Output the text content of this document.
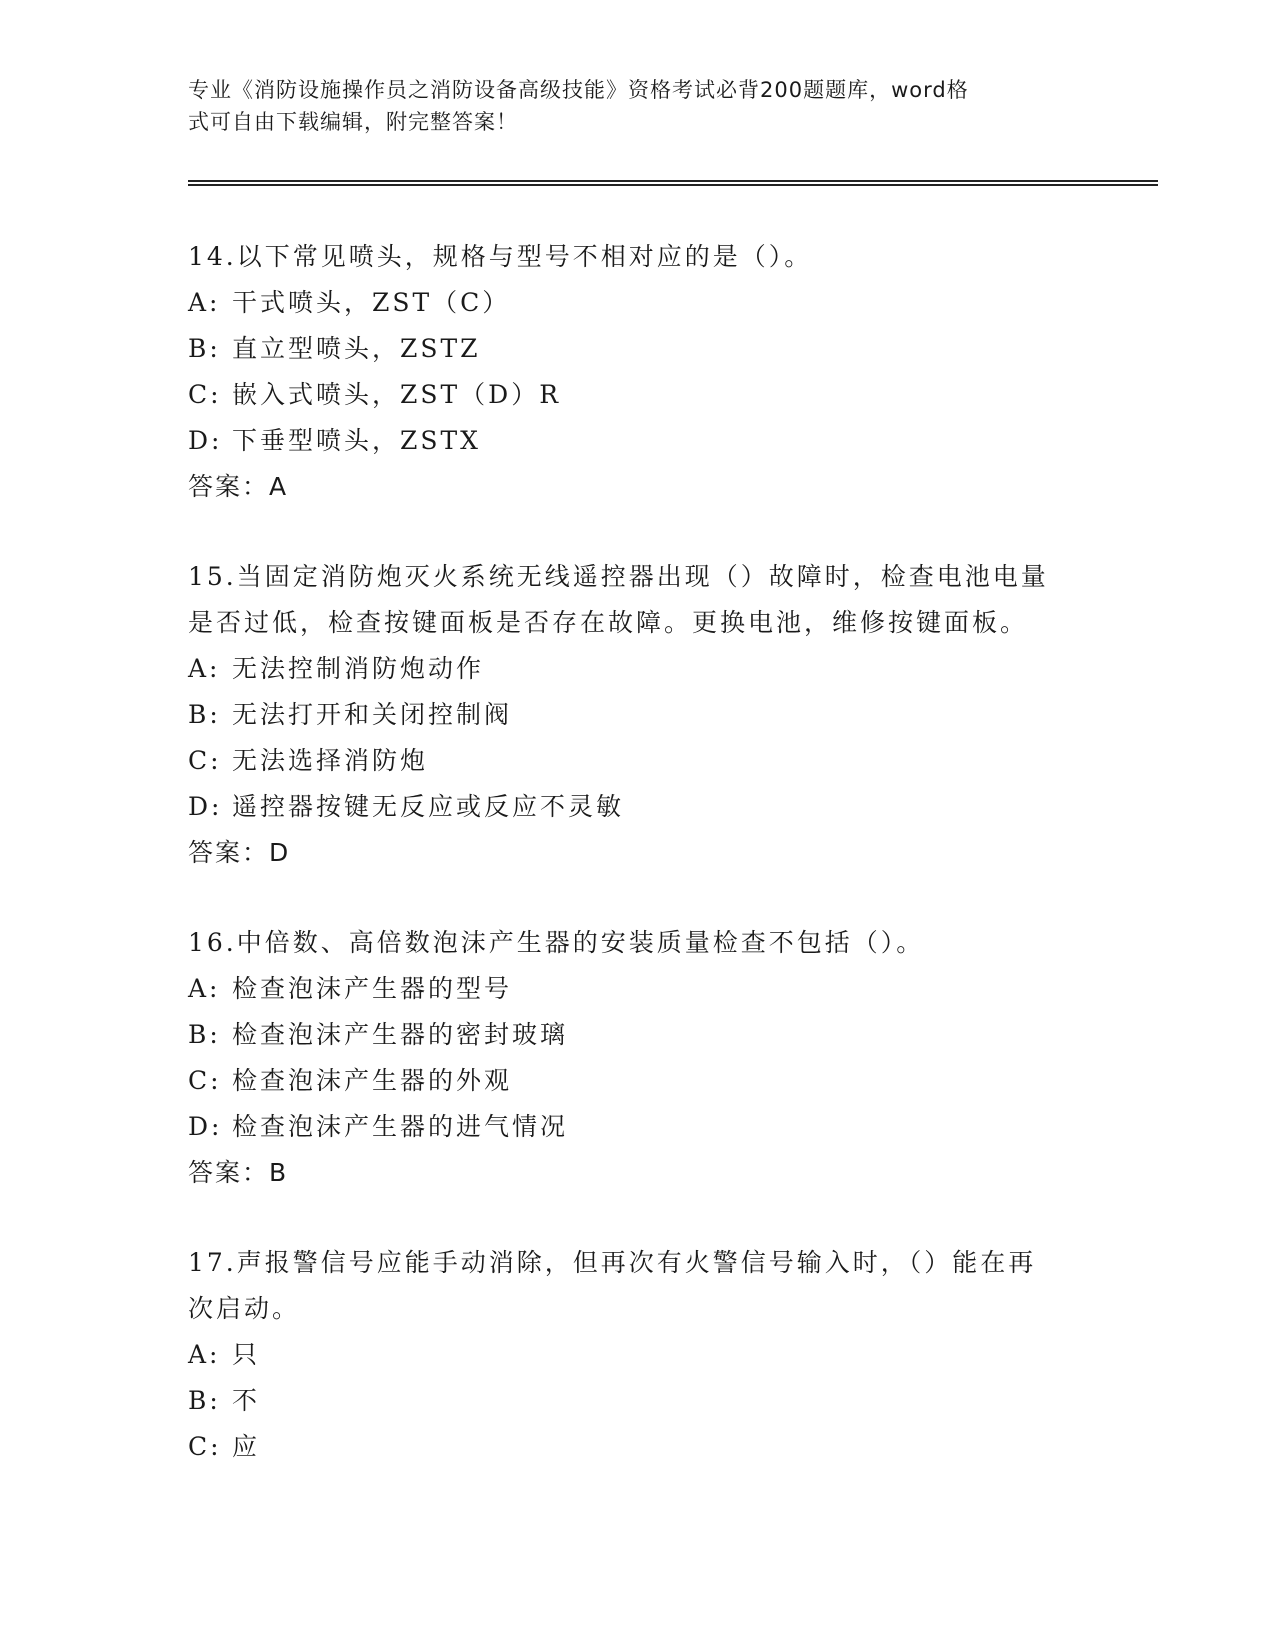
专业《消防设施操作员之消防设备高级技能》资格考试必背200题题库，word格
式可自由下载编辑，附完整答案！
14.以下常见喷头，规格与型号不相对应的是（）。
A: 干式喷头，ZST（C）
B: 直立型喷头，ZSTZ
C: 嵌入式喷头，ZST（D）R
D: 下垂型喷头，ZSTX
答案：A
15.当固定消防炮灭火系统无线遥控器出现（）故障时，检查电池电量
是否过低，检查按键面板是否存在故障。更换电池，维修按键面板。
A: 无法控制消防炮动作
B: 无法打开和关闭控制阀
C: 无法选择消防炮
D: 遥控器按键无反应或反应不灵敏
答案：D
16.中倍数、高倍数泡沫产生器的安装质量检查不包括（）。
A: 检查泡沫产生器的型号
B: 检查泡沫产生器的密封玻璃
C: 检查泡沫产生器的外观
D: 检查泡沫产生器的进气情况
答案：B
17.声报警信号应能手动消除，但再次有火警信号输入时，（）能在再
次启动。
A: 只
B: 不
C: 应
